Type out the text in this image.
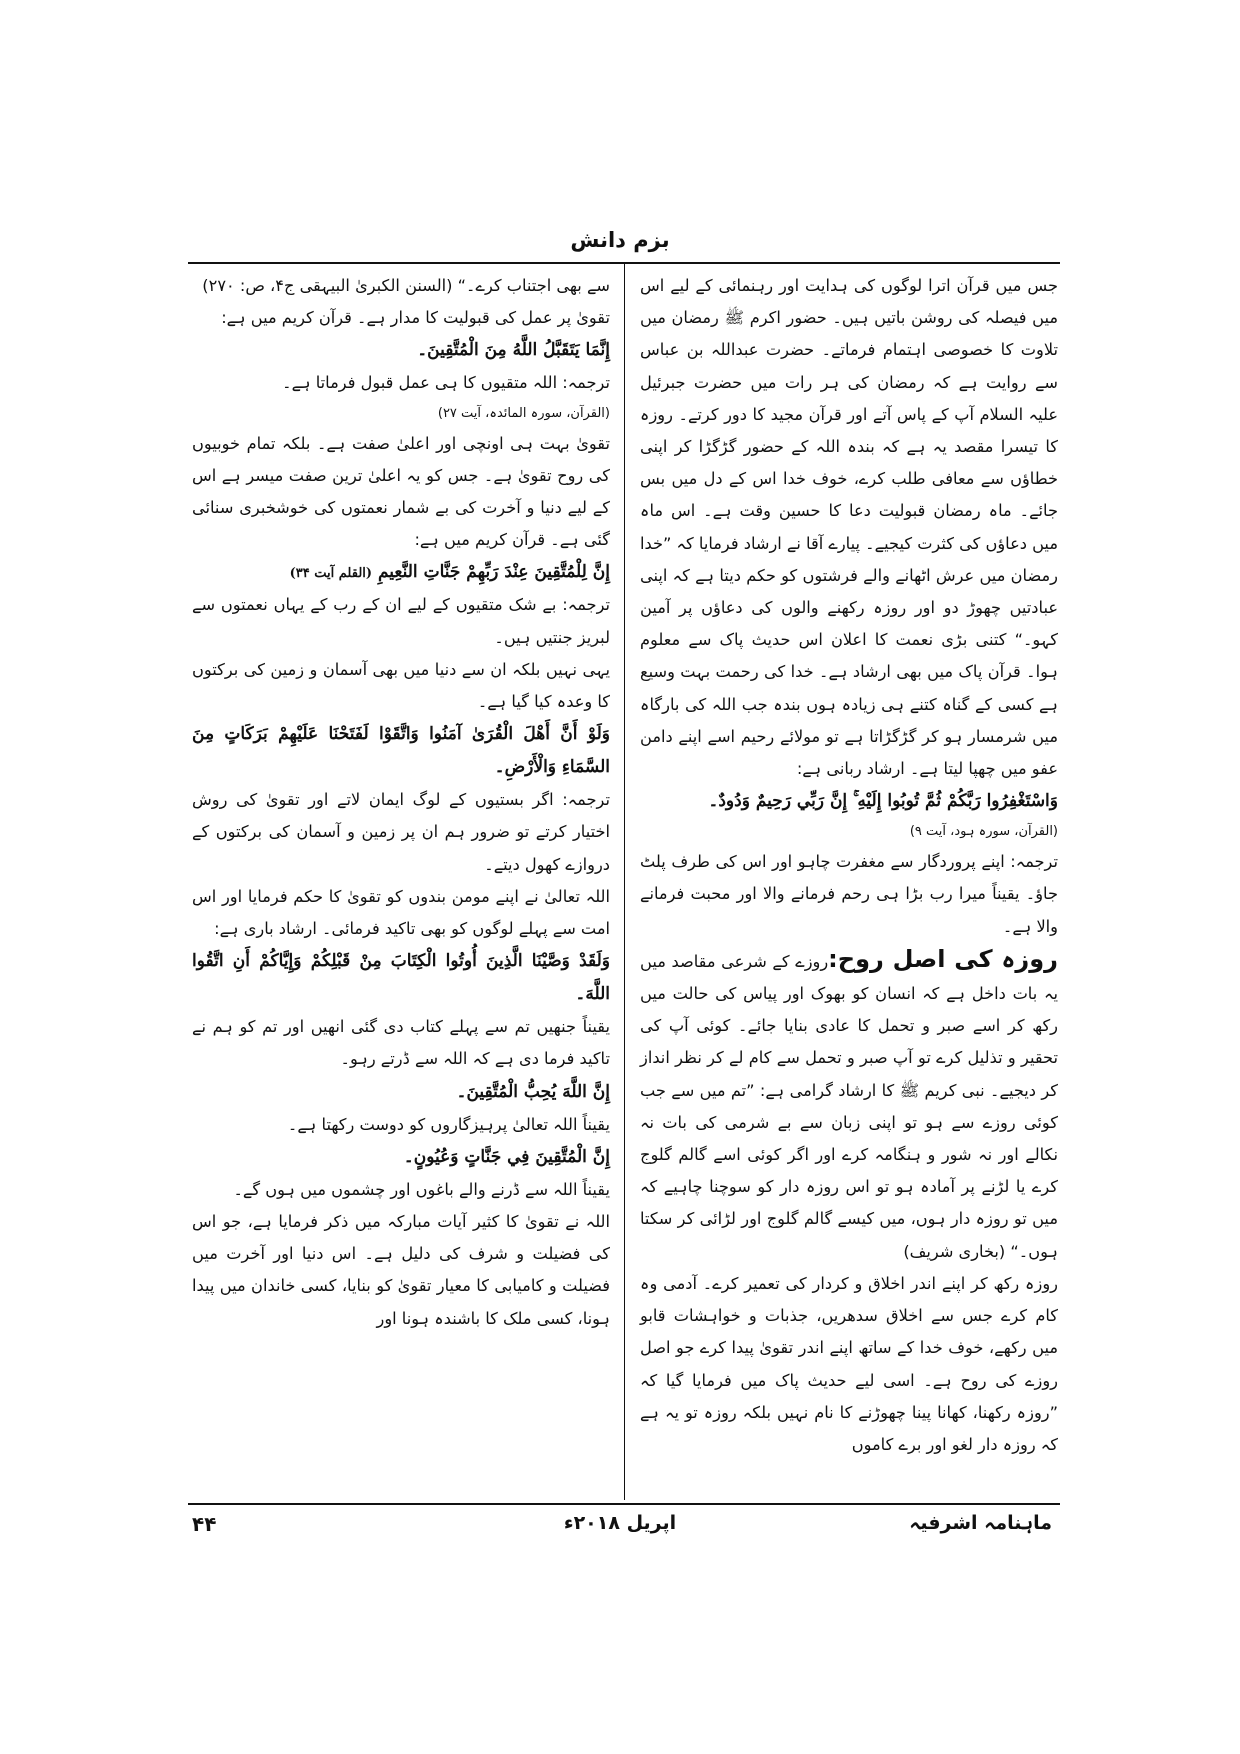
بزم دانش

جس میں قرآن اترا لوگوں کی ہدایت اور رہنمائی کے لیے اس میں فیصلہ کی روشن باتیں ہیں۔ حضور اکرم ﷺ رمضان میں تلاوت کا خصوصی اہتمام فرماتے۔ حضرت عبداللہ بن عباس سے روایت ہے کہ رمضان کی ہر رات میں حضرت جبرئیل علیہ السلام آپ کے پاس آتے اور قرآن مجید کا دور کرتے۔ روزہ کا تیسرا مقصد یہ ہے کہ بندہ اللہ کے حضور گڑگڑا کر اپنی خطاؤں سے معافی طلب کرے، خوف خدا اس کے دل میں بس جائے۔ ماہ رمضان قبولیت دعا کا حسین وقت ہے۔ اس ماہ میں دعاؤں کی کثرت کیجیے۔ پیارے آقا نے ارشاد فرمایا کہ ”خدا رمضان میں عرش اٹھانے والے فرشتوں کو حکم دیتا ہے کہ اپنی عبادتیں چھوڑ دو اور روزہ رکھنے والوں کی دعاؤں پر آمین کہو۔“ کتنی بڑی نعمت کا اعلان اس حدیث پاک سے معلوم ہوا۔ قرآن پاک میں بھی ارشاد ہے۔ خدا کی رحمت بہت وسیع ہے کسی کے گناہ کتنے ہی زیادہ ہوں بندہ جب اللہ کی بارگاہ میں شرمسار ہو کر گڑگڑاتا ہے تو مولائے رحیم اسے اپنے دامن عفو میں چھپا لیتا ہے۔ ارشاد ربانی ہے:

وَاسْتَغْفِرُوا رَبَّكُمْ ثُمَّ تُوبُوا إِلَيْهِ ۚ إِنَّ رَبِّي رَحِيمٌ وَدُودٌ۔

(القرآن، سورہ ہود، آیت ۹)

ترجمہ: اپنے پروردگار سے مغفرت چاہو اور اس کی طرف پلٹ جاؤ۔ یقیناً میرا رب بڑا ہی رحم فرمانے والا اور محبت فرمانے والا ہے۔

روزہ کی اصل روح:روزے کے شرعی مقاصد میں یہ بات داخل ہے کہ انسان کو بھوک اور پیاس کی حالت میں رکھ کر اسے صبر و تحمل کا عادی بنایا جائے۔ کوئی آپ کی تحقیر و تذلیل کرے تو آپ صبر و تحمل سے کام لے کر نظر انداز کر دیجیے۔ نبی کریم ﷺ کا ارشاد گرامی ہے: ”تم میں سے جب کوئی روزے سے ہو تو اپنی زبان سے بے شرمی کی بات نہ نکالے اور نہ شور و ہنگامہ کرے اور اگر کوئی اسے گالم گلوج کرے یا لڑنے پر آمادہ ہو تو اس روزہ دار کو سوچنا چاہیے کہ میں تو روزہ دار ہوں، میں کیسے گالم گلوج اور لڑائی کر سکتا ہوں۔“ (بخاری شریف)

روزہ رکھ کر اپنے اندر اخلاق و کردار کی تعمیر کرے۔ آدمی وہ کام کرے جس سے اخلاق سدھریں، جذبات و خواہشات قابو میں رکھے، خوف خدا کے ساتھ اپنے اندر تقویٰ پیدا کرے جو اصل روزے کی روح ہے۔ اسی لیے حدیث پاک میں فرمایا گیا کہ ”روزہ رکھنا، کھانا پینا چھوڑنے کا نام نہیں بلکہ روزہ تو یہ ہے کہ روزہ دار لغو اور برے کاموں

سے بھی اجتناب کرے۔“ (السنن الکبریٰ البیہقی ج۴، ص: ۲۷۰)

تقویٰ پر عمل کی قبولیت کا مدار ہے۔ قرآن کریم میں ہے:

إِنَّمَا يَتَقَبَّلُ اللَّهُ مِنَ الْمُتَّقِينَ۔

ترجمہ: اللہ متقیوں کا ہی عمل قبول فرماتا ہے۔

(القرآن، سورہ المائدہ، آیت ۲۷)

تقویٰ بہت ہی اونچی اور اعلیٰ صفت ہے۔ بلکہ تمام خوبیوں کی روح تقویٰ ہے۔ جس کو یہ اعلیٰ ترین صفت میسر ہے اس کے لیے دنیا و آخرت کی بے شمار نعمتوں کی خوشخبری سنائی گئی ہے۔ قرآن کریم میں ہے:

إِنَّ لِلْمُتَّقِينَ عِنْدَ رَبِّهِمْ جَنَّاتِ النَّعِيمِ (القلم آیت ۳۴)

ترجمہ: بے شک متقیوں کے لیے ان کے رب کے یہاں نعمتوں سے لبریز جنتیں ہیں۔

یہی نہیں بلکہ ان سے دنیا میں بھی آسمان و زمین کی برکتوں کا وعدہ کیا گیا ہے۔

وَلَوْ أَنَّ أَهْلَ الْقُرَىٰ آمَنُوا وَاتَّقَوْا لَفَتَحْنَا عَلَيْهِمْ بَرَكَاتٍ مِنَ السَّمَاءِ وَالْأَرْضِ۔

ترجمہ: اگر بستیوں کے لوگ ایمان لاتے اور تقویٰ کی روش اختیار کرتے تو ضرور ہم ان پر زمین و آسمان کی برکتوں کے دروازے کھول دیتے۔

اللہ تعالیٰ نے اپنے مومن بندوں کو تقویٰ کا حکم فرمایا اور اس امت سے پہلے لوگوں کو بھی تاکید فرمائی۔ ارشاد باری ہے:

وَلَقَدْ وَصَّيْنَا الَّذِينَ أُوتُوا الْكِتَابَ مِنْ قَبْلِكُمْ وَإِيَّاكُمْ أَنِ اتَّقُوا اللَّهَ۔

یقیناً جنھیں تم سے پہلے کتاب دی گئی انھیں اور تم کو ہم نے تاکید فرما دی ہے کہ اللہ سے ڈرتے رہو۔

إِنَّ اللَّهَ يُحِبُّ الْمُتَّقِينَ۔

یقیناً اللہ تعالیٰ پرہیزگاروں کو دوست رکھتا ہے۔

إِنَّ الْمُتَّقِينَ فِي جَنَّاتٍ وَعُيُونٍ۔

یقیناً اللہ سے ڈرنے والے باغوں اور چشموں میں ہوں گے۔

اللہ نے تقویٰ کا کثیر آیات مبارکہ میں ذکر فرمایا ہے، جو اس کی فضیلت و شرف کی دلیل ہے۔ اس دنیا اور آخرت میں فضیلت و کامیابی کا معیار تقویٰ کو بنایا، کسی خاندان میں پیدا ہونا، کسی ملک کا باشندہ ہونا اور

ماہنامہ اشرفیہ
اپریل ۲۰۱۸ء
۴۴
